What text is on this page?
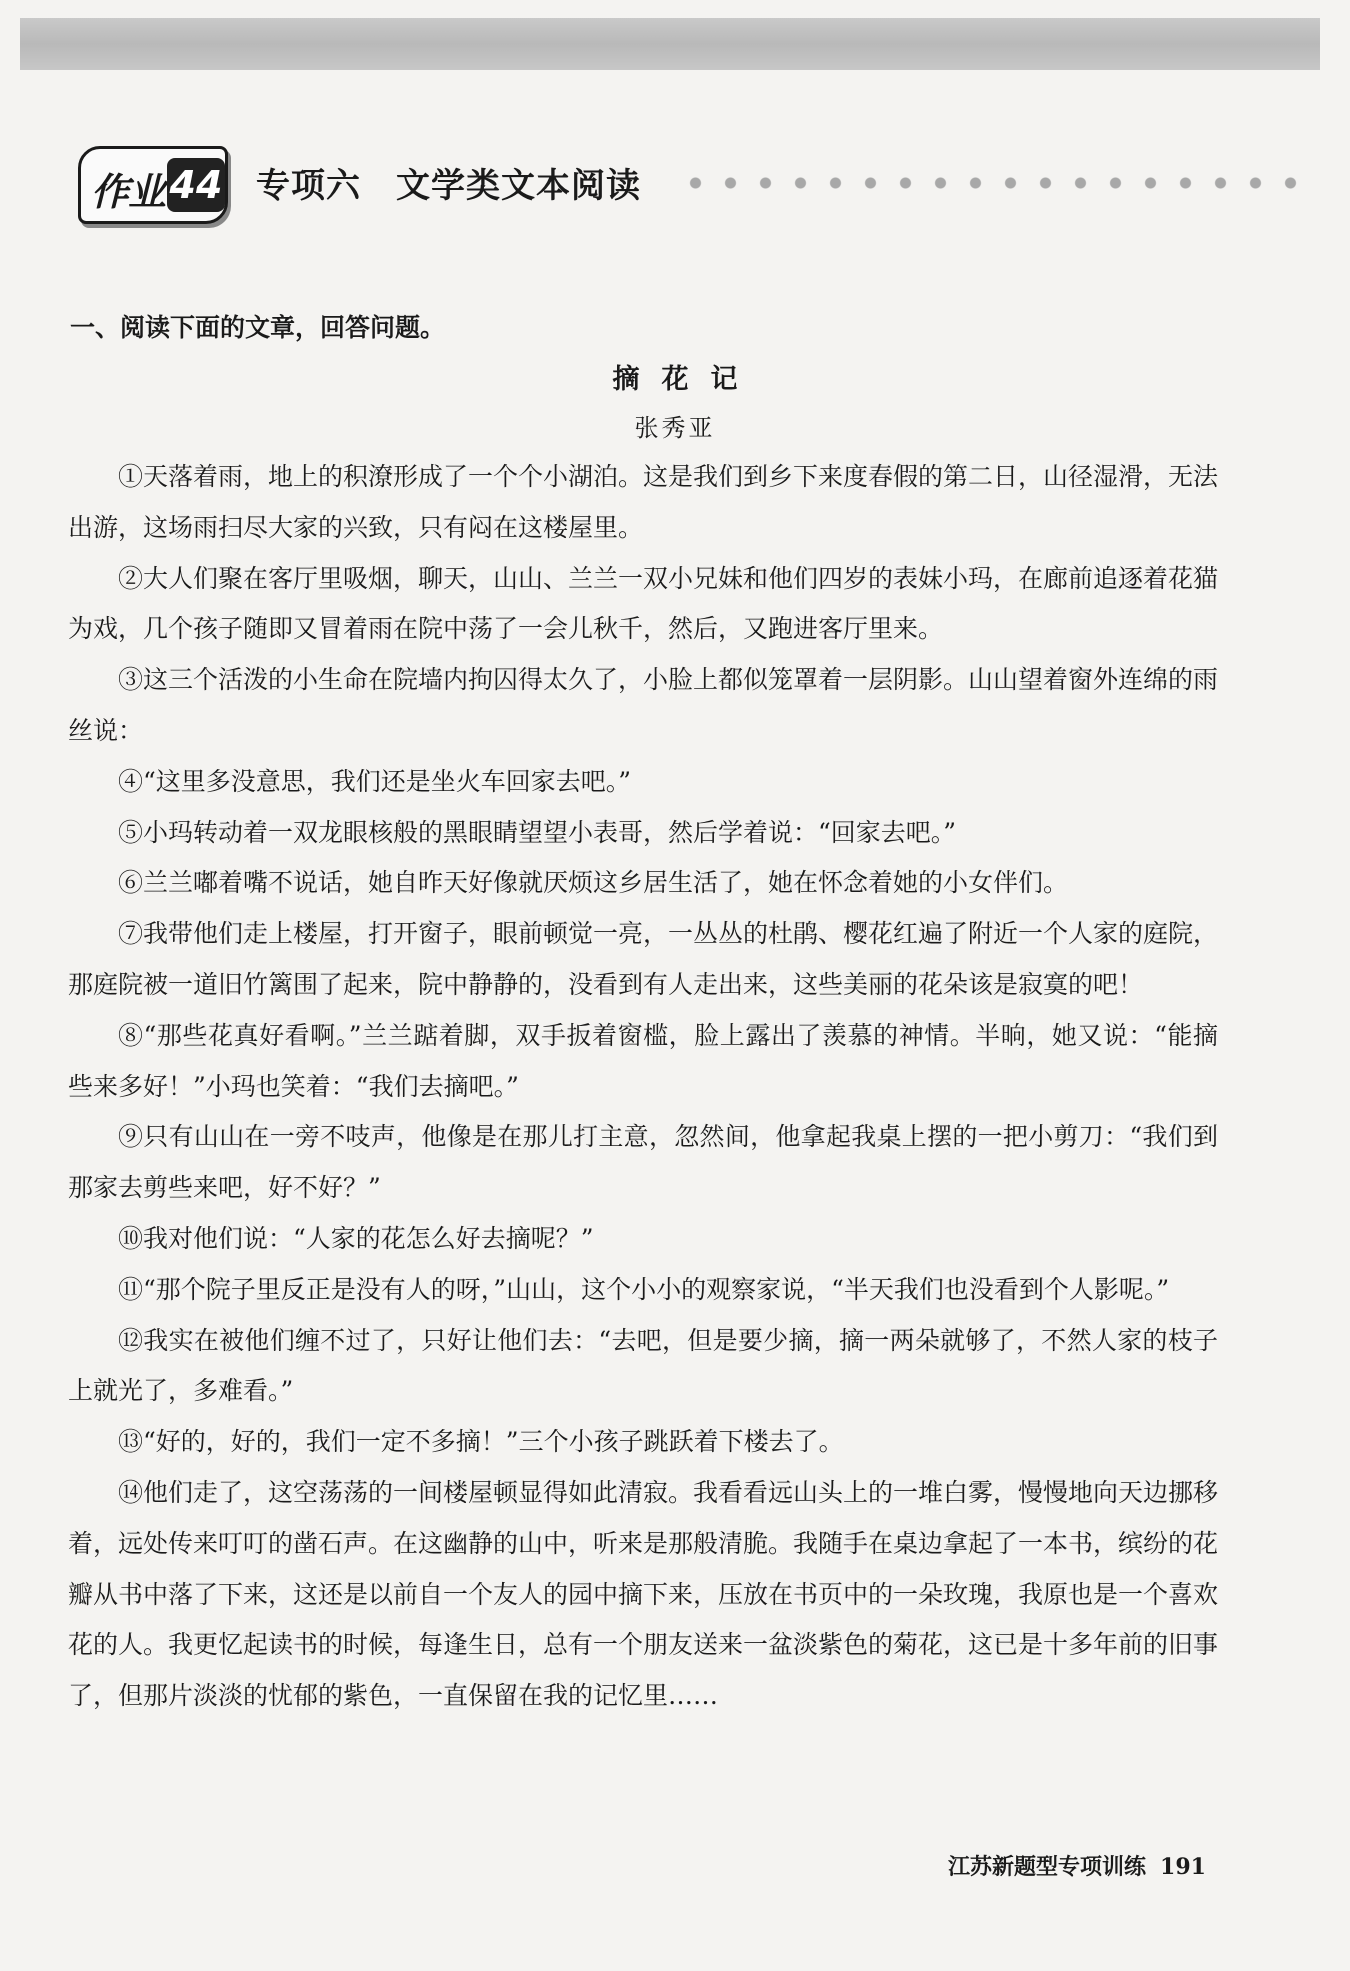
作业 44 专项六　文学类文本阅读
一、阅读下面的文章，回答问题。
摘花记
张秀亚

①天落着雨，地上的积潦形成了一个个小湖泊。这是我们到乡下来度春假的第二日，山径湿滑，无法出游，这场雨扫尽大家的兴致，只有闷在这楼屋里。

②大人们聚在客厅里吸烟，聊天，山山、兰兰一双小兄妹和他们四岁的表妹小玛，在廊前追逐着花猫为戏，几个孩子随即又冒着雨在院中荡了一会儿秋千，然后，又跑进客厅里来。

③这三个活泼的小生命在院墙内拘囚得太久了，小脸上都似笼罩着一层阴影。山山望着窗外连绵的雨丝说：

④“这里多没意思，我们还是坐火车回家去吧。”

⑤小玛转动着一双龙眼核般的黑眼睛望望小表哥，然后学着说：“回家去吧。”

⑥兰兰嘟着嘴不说话，她自昨天好像就厌烦这乡居生活了，她在怀念着她的小女伴们。

⑦我带他们走上楼屋，打开窗子，眼前顿觉一亮，一丛丛的杜鹃、樱花红遍了附近一个人家的庭院，那庭院被一道旧竹篱围了起来，院中静静的，没看到有人走出来，这些美丽的花朵该是寂寞的吧！

⑧“那些花真好看啊。”兰兰踮着脚，双手扳着窗槛，脸上露出了羡慕的神情。半晌，她又说：“能摘些来多好！”小玛也笑着：“我们去摘吧。”

⑨只有山山在一旁不吱声，他像是在那儿打主意，忽然间，他拿起我桌上摆的一把小剪刀：“我们到那家去剪些来吧，好不好？”

⑩我对他们说：“人家的花怎么好去摘呢？”

⑪“那个院子里反正是没有人的呀，”山山，这个小小的观察家说，“半天我们也没看到个人影呢。”

⑫我实在被他们缠不过了，只好让他们去：“去吧，但是要少摘，摘一两朵就够了，不然人家的枝子上就光了，多难看。”

⑬“好的，好的，我们一定不多摘！”三个小孩子跳跃着下楼去了。

⑭他们走了，这空荡荡的一间楼屋顿显得如此清寂。我看看远山头上的一堆白雾，慢慢地向天边挪移着，远处传来叮叮的凿石声。在这幽静的山中，听来是那般清脆。我随手在桌边拿起了一本书，缤纷的花瓣从书中落了下来，这还是以前自一个友人的园中摘下来，压放在书页中的一朵玫瑰，我原也是一个喜欢花的人。我更忆起读书的时候，每逢生日，总有一个朋友送来一盆淡紫色的菊花，这已是十多年前的旧事了，但那片淡淡的忧郁的紫色，一直保留在我的记忆里……

江苏新题型专项训练 191
